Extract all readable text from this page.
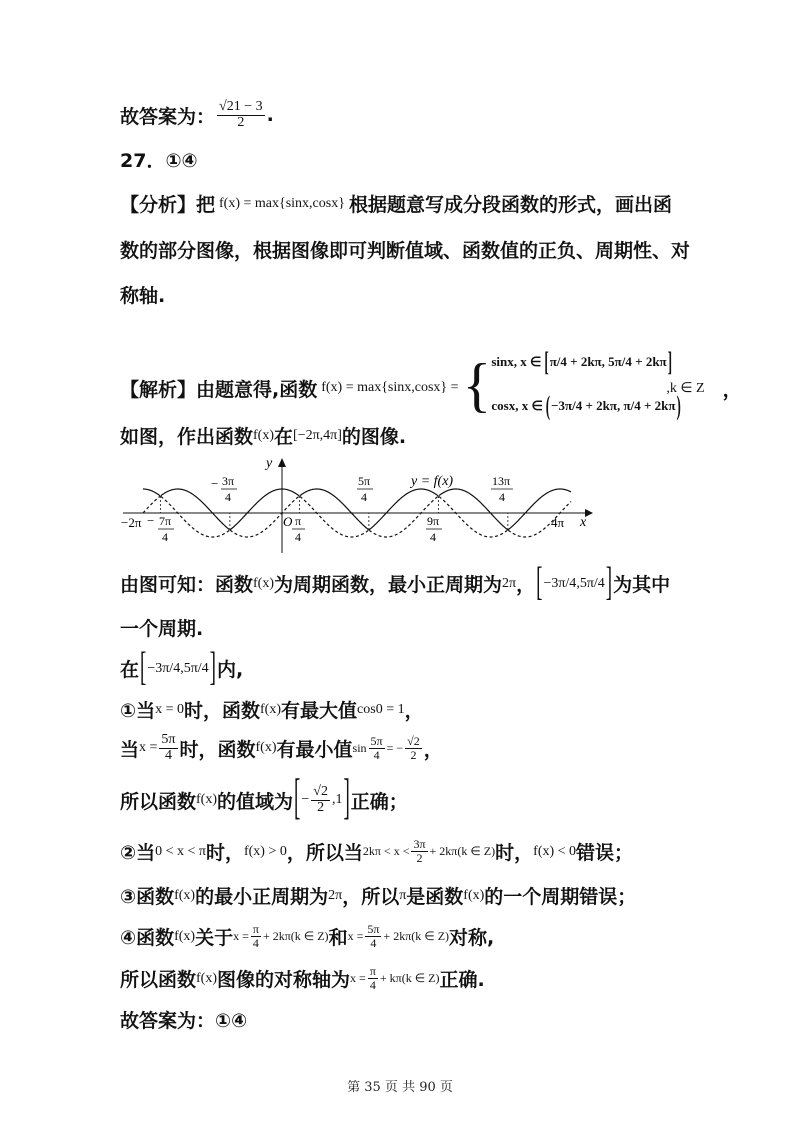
故答案为： $\frac{√21 - 3}{2}$ .
27．①④
【分析】把 f(x) = max{sinx,cosx} 根据题意写成分段函数的形式，画出函
数的部分图像，根据图像即可判断值域、函数值的正负、周期性、对
称轴.
【解析】由题意得,函数 f(x) = max{sinx,cosx} = { sinx, x ∈ [ π/4 + 2kπ, 5π/4 + 2kπ ]
cosx, x ∈ ( −3π/4 + 2kπ, π/4 + 2kπ )
,k ∈ Z ，
如图，作出函数 f(x) 在 [−2π,4π] 的图像.
y
x
O
−2π	4π
− 3π
4
− 7π
4
π
4
5π
4
9π
4
13π
4
y = f(x)
由图可知：函数 f(x) 为周期函数，最小正周期为 2π ， [ −3π/4 , 5π/4 ] 为其中
一个周期.
在 [ −3π/4 , 5π/4 ] 内,
①当 x = 0 时，函数 f(x) 有最大值 cos0 = 1 ，
当 $x = \frac{5\pi}{4}$ 时，函数 f(x) 有最小值 $\sin \frac{5\pi}{4}$ = − $\frac{√2}{2}$ ，
所以函数 f(x) 的值域为 [ − $\frac{√2}{2} ,1$ ] 正确；
②当 0 < x < π 时， f(x) > 0 ，所以当 $2k\pi < x < \frac{3\pi}{2} + 2k\pi(k$ ∈ Z) 时， f(x) < 0 错误；
③函数 f(x) 的最小正周期为 2π ，所以 π 是函数 f(x) 的一个周期错误；
④函数 f(x) 关于 $x = \frac{\pi}{4} + 2k\pi(k$ ∈ Z) 和 $x = \frac{5\pi}{4} + 2k\pi(k$ ∈ Z) 对称,
所以函数 f(x) 图像的对称轴为 $x = \frac{\pi}{4} + k\pi(k$ ∈ Z) 正确.
故答案为：①④
第 35 页 共 90 页
